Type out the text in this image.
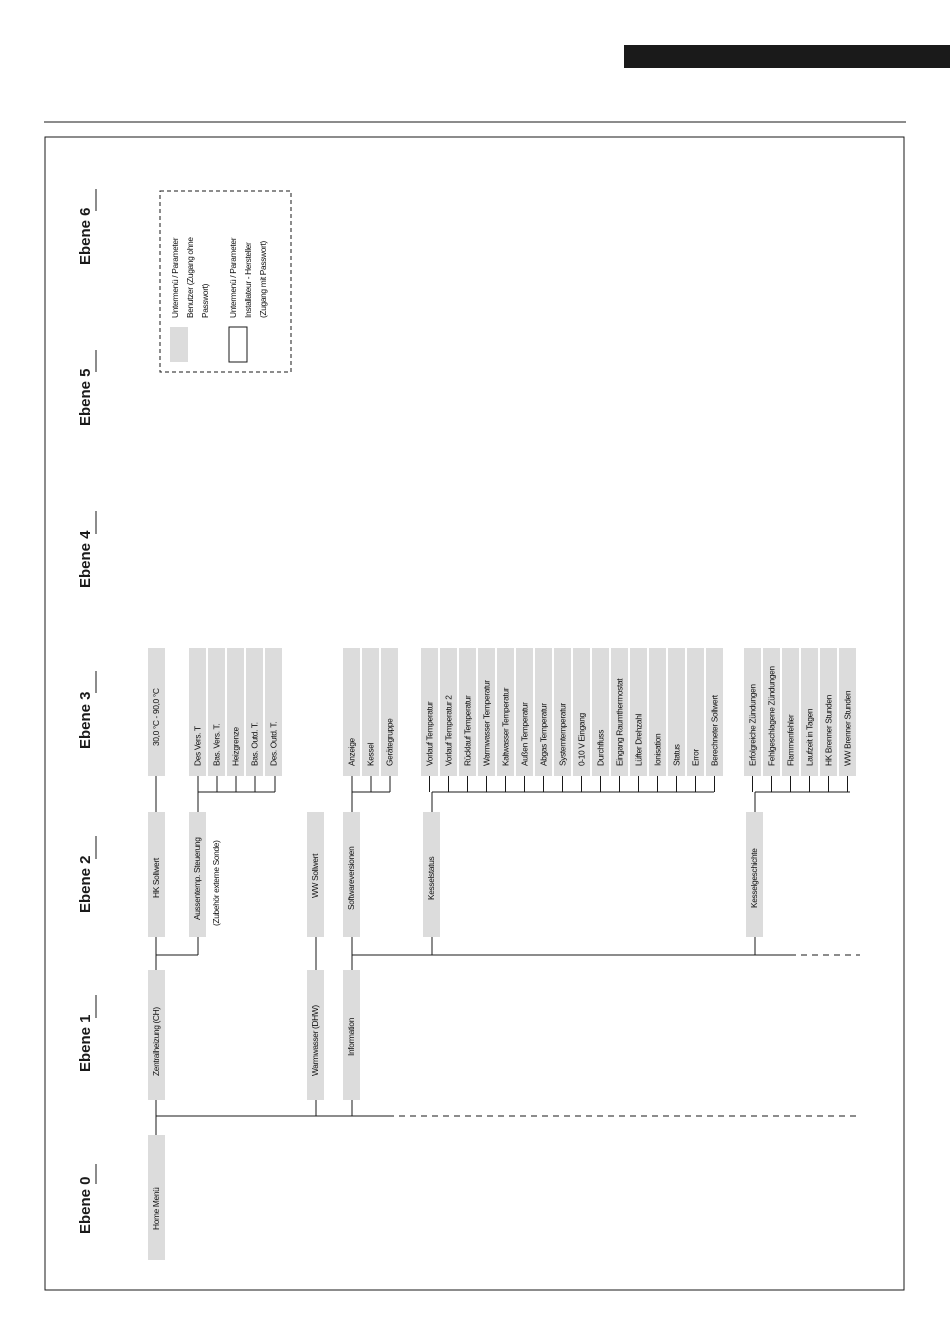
Ebene 0
Ebene 1
Ebene 2
Ebene 3
Ebene 4
Ebene 5
Ebene 6
Home Menü
Zentralheizung (CH)	Warmwasser (DHW)	Information
HK Sollwert	Aussentemp. Steuerung (Zubehör externe Sonde)	WW Sollwert	Softwareversionen	Kesselstatus	Kesselgeschichte
30,0 °C - 90,0 °C
Des Vers. T Bas. Vers. T. Heizgrenze Bas. Outd. T. Des. Outd. T.	Anzeige Kessel Gerätegruppe	Vorlauf Temperatur Vorlauf Temperatur 2 Rücklauf Temperatur Warmwasser Temperatur Kaltwasser Temperatur Außen Temperatur Abgas Temperatur Systemtemperatur 0-10 V Eingang Durchfluss Eingang Raumthermostat Lüfter Drehzahl Ionisation Status Error Berechneter Sollwert	Erfolgreiche Zündungen Fehlgeschlagene Zündungen Flammenfehler Laufzeit in Tagen HK Brenner Stunden WW Brenner Stunden
Untermenü / Parameter Benutzer (Zugang ohne Passwort) Untermenü / Parameter Installateur - Hersteller (Zugang mit Passwort)
